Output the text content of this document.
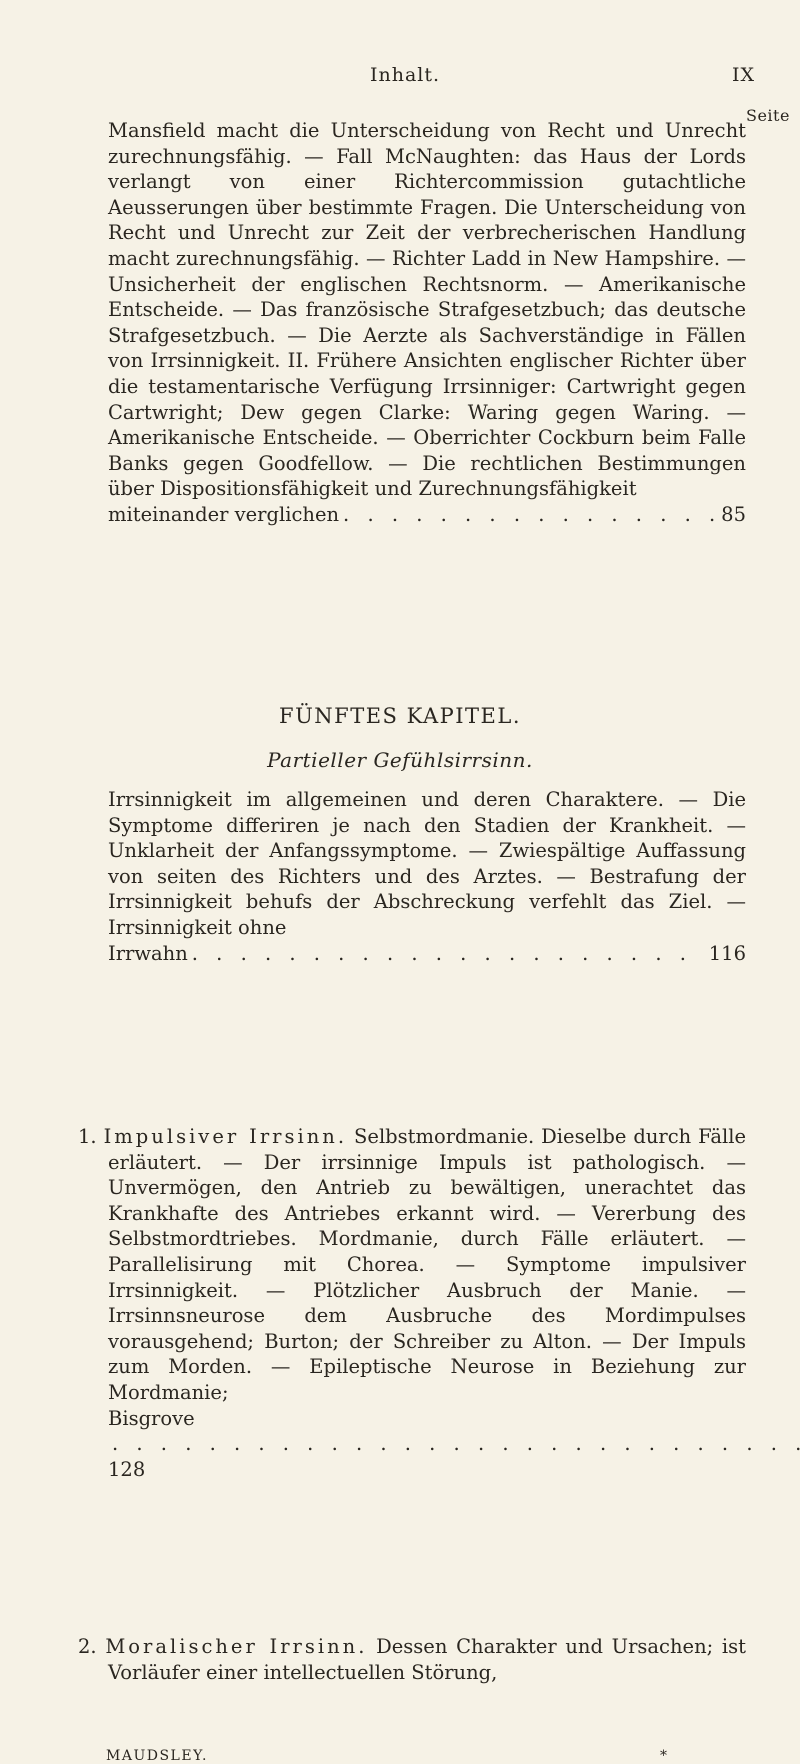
Inhalt.	IX
Seite

Mansfield macht die Unterscheidung von Recht und Unrecht zurechnungsfähig. — Fall McNaughten: das Haus der Lords verlangt von einer Richtercommission gutachtliche Aeusserungen über bestimmte Fragen. Die Unterscheidung von Recht und Unrecht zur Zeit der verbrecherischen Handlung macht zurechnungsfähig. — Richter Ladd in New Hampshire. — Unsicherheit der englischen Rechtsnorm. — Amerikanische Entscheide. — Das französische Strafgesetzbuch; das deutsche Strafgesetzbuch. — Die Aerzte als Sachverständige in Fällen von Irrsinnigkeit. II. Frühere Ansichten englischer Richter über die testamentarische Verfügung Irrsinniger: Cartwright gegen Cartwright; Dew gegen Clarke: Waring gegen Waring. — Amerikanische Entscheide. — Oberrichter Cockburn beim Falle Banks gegen Goodfellow. — Die rechtlichen Bestimmungen über Dispositionsfähigkeit und Zurechnungsfähigkeit

miteinander verglichen . . .	85
FÜNFTES KAPITEL.
Partieller Gefühlsirrsinn.

Irrsinnigkeit im allgemeinen und deren Charaktere. — Die Symptome differiren je nach den Stadien der Krankheit. — Unklarheit der Anfangssymptome. — Zwiespältige Auffassung von seiten des Richters und des Arztes. — Bestrafung der Irrsinnigkeit behufs der Abschreckung verfehlt das Ziel. — Irrsinnigkeit ohne

Irrwahn . . .	116
1. Impulsiver Irrsinn. Selbstmordmanie. Dieselbe durch Fälle erläutert. — Der irrsinnige Impuls ist pathologisch. — Unvermögen, den Antrieb zu bewältigen, unerachtet das Krankhafte des Antriebes erkannt wird. — Vererbung des Selbstmordtriebes. Mordmanie, durch Fälle erläutert. — Parallelisirung mit Chorea. — Symptome impulsiver Irrsinnigkeit. — Plötzlicher Ausbruch der Manie. — Irrsinnsneurose dem Ausbruche des Mordimpulses vorausgehend; Burton; der Schreiber zu Alton. — Der Impuls zum Morden. — Epileptische Neurose in Beziehung zur Mordmanie;
Bisgrove . . . 128
2. Moralischer Irrsinn. Dessen Charakter und Ursachen; ist Vorläufer einer intellectuellen Störung,
MAUDSLEY.	*
